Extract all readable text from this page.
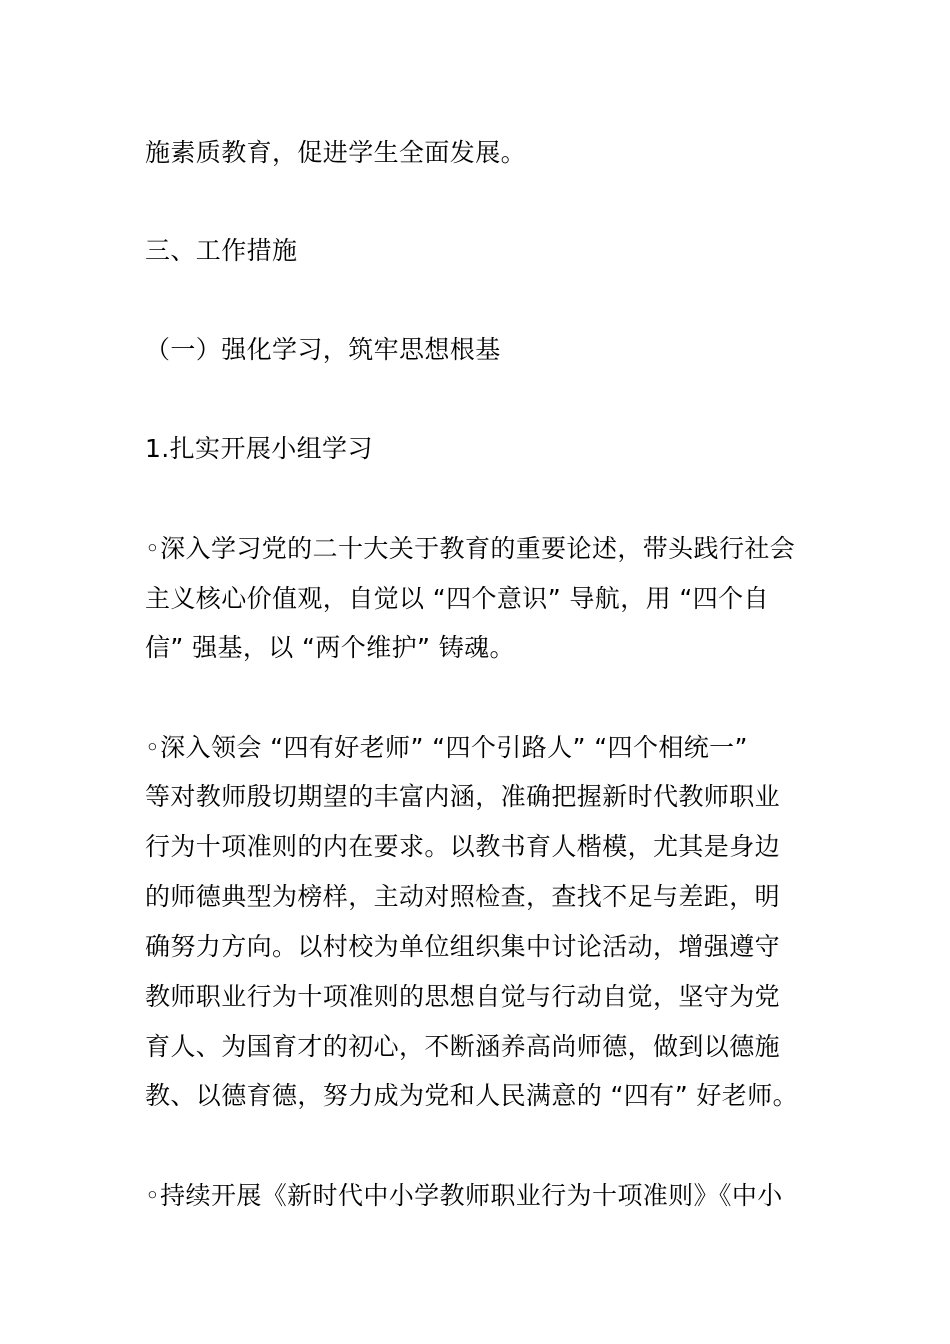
施素质教育，促进学生全面发展。
三、工作措施
（一）强化学习，筑牢思想根基
1.扎实开展小组学习
◦深入学习党的二十大关于教育的重要论述，带头践行社会
主义核心价值观，自觉以 “四个意识” 导航，用 “四个自
信” 强基，以 “两个维护” 铸魂。
◦深入领会 “四有好老师” “四个引路人” “四个相统一”
等对教师殷切期望的丰富内涵，准确把握新时代教师职业
行为十项准则的内在要求。以教书育人楷模，尤其是身边
的师德典型为榜样，主动对照检查，查找不足与差距，明
确努力方向。以村校为单位组织集中讨论活动，增强遵守
教师职业行为十项准则的思想自觉与行动自觉，坚守为党
育人、为国育才的初心，不断涵养高尚师德，做到以德施
教、以德育德，努力成为党和人民满意的 “四有” 好老师。
◦持续开展《新时代中小学教师职业行为十项准则》《中小
